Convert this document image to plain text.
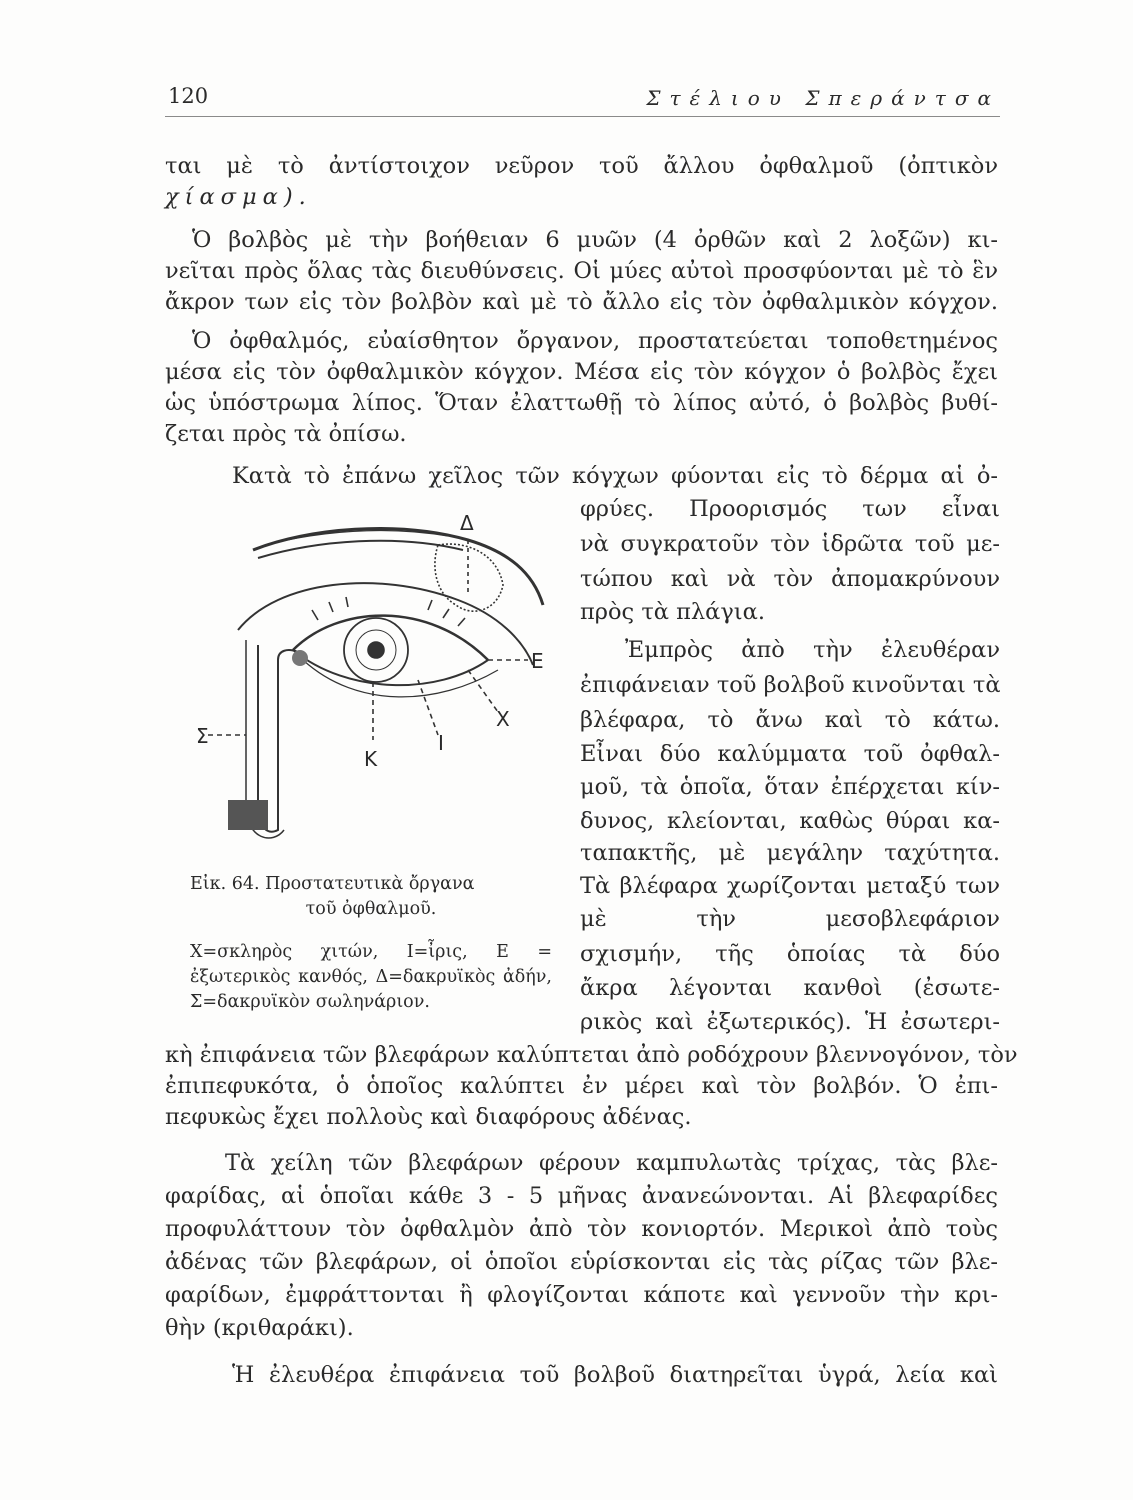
120	Στέλιου Σπεράντσα

ται μὲ τὸ ἀντίστοιχον νεῦρον τοῦ ἄλλου ὀφθαλμοῦ (ὀπτικὸν

χίασμα).

Ὁ βολβὸς μὲ τὴν βοήθειαν 6 μυῶν (4 ὀρθῶν καὶ 2 λοξῶν) κι-

νεῖται πρὸς ὅλας τὰς διευθύνσεις. Οἱ μύες αὐτοὶ προσφύονται μὲ τὸ ἓν

ἄκρον των εἰς τὸν βολβὸν καὶ μὲ τὸ ἄλλο εἰς τὸν ὀφθαλμικὸν κόγχον.

Ὁ ὀφθαλμός, εὐαίσθητον ὄργανον, προστατεύεται τοποθετημένος

μέσα εἰς τὸν ὀφθαλμικὸν κόγχον. Μέσα εἰς τὸν κόγχον ὁ βολβὸς ἔχει

ὡς ὑπόστρωμα λίπος. Ὅταν ἐλαττωθῇ τὸ λίπος αὐτό, ὁ βολβὸς βυθί-

ζεται πρὸς τὰ ὀπίσω.

Κατὰ τὸ ἐπάνω χεῖλος τῶν κόγχων φύονται εἰς τὸ δέρμα αἱ ὀ-

φρύες. Προορισμός των εἶναι

νὰ συγκρατοῦν τὸν ἱδρῶτα τοῦ με-

τώπου καὶ νὰ τὸν ἀπομακρύνουν

πρὸς τὰ πλάγια.

Ἐμπρὸς ἀπὸ τὴν ἐλευθέραν

ἐπιφάνειαν τοῦ βολβοῦ κινοῦνται τὰ

βλέφαρα, τὸ ἄνω καὶ τὸ κάτω.

Εἶναι δύο καλύμματα τοῦ ὀφθαλ-

μοῦ, τὰ ὁποῖα, ὅταν ἐπέρχεται κίν-

δυνος, κλείονται, καθὼς θύραι κα-

ταπακτῆς, μὲ μεγάλην ταχύτητα.

Τὰ βλέφαρα χωρίζονται μεταξύ των

μὲ τὴν μεσοβλεφάριον

σχισμήν, τῆς ὁποίας τὰ δύο

ἄκρα λέγονται κανθοὶ (ἐσωτε-

ρικὸς καὶ ἐξωτερικός). Ἡ ἐσωτερι-

κὴ ἐπιφάνεια τῶν βλεφάρων καλύπτεται ἀπὸ ροδόχρουν βλεννογόνον, τὸν

ἐπιπεφυκότα, ὁ ὁποῖος καλύπτει ἐν μέρει καὶ τὸν βολβόν. Ὁ ἐπι-

πεφυκὼς ἔχει πολλοὺς καὶ διαφόρους ἀδένας.

Τὰ χείλη τῶν βλεφάρων φέρουν καμπυλωτὰς τρίχας, τὰς βλε-

φαρίδας, αἱ ὁποῖαι κάθε 3 - 5 μῆνας ἀνανεώνονται. Αἱ βλεφαρίδες

προφυλάττουν τὸν ὀφθαλμὸν ἀπὸ τὸν κονιορτόν. Μερικοὶ ἀπὸ τοὺς

ἀδένας τῶν βλεφάρων, οἱ ὁποῖοι εὑρίσκονται εἰς τὰς ρίζας τῶν βλε-

φαρίδων, ἐμφράττονται ἢ φλογίζονται κάποτε καὶ γεννοῦν τὴν κρι-

θὴν (κριθαράκι).

Ἡ ἐλευθέρα ἐπιφάνεια τοῦ βολβοῦ διατηρεῖται ὑγρά, λεία καὶ

Δ
E
X
I
K
Σ

Εἰκ. 64. Προστατευτικὰ ὄργανα

τοῦ ὀφθαλμοῦ.

X=σκληρὸς χιτών, I=ἶρις, E = ἐξωτερικὸς κανθός, Δ=δακρυϊκὸς ἀδήν, Σ=δακρυϊκὸν σωληνάριον.
